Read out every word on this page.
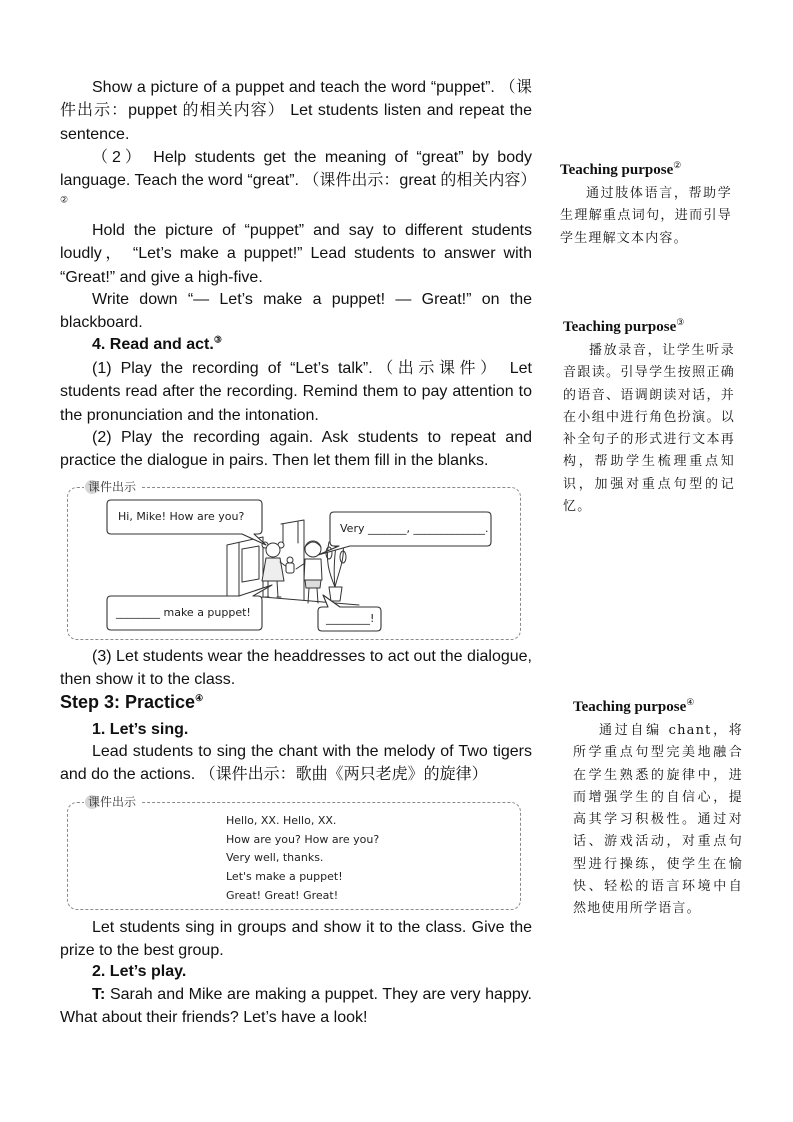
Show a picture of a puppet and teach the word “puppet”. （课件出示：puppet 的相关内容） Let students listen and repeat the sentence.

（2） Help students get the meaning of “great” by body language. Teach the word “great”. （课件出示：great 的相关内容）②

Hold the picture of “puppet” and say to different students loudly， “Let’s make a puppet!” Lead students to answer with “Great!” and give a high-five.

Write down “— Let’s make a puppet! — Great!” on the blackboard.

4. Read and act.③

(1) Play the recording of “Let’s talk”.（出示课件） Let students read after the recording. Remind them to pay attention to the pronunciation and the intonation.

(2) Play the recording again. Ask students to repeat and practice the dialogue in pairs. Then let them fill in the blanks.

Hi, Mike! How are you?
Very _______, _____________.
________ make a puppet!	________!
课件出示

(3) Let students wear the headdresses to act out the dialogue, then show it to the class.

Step 3: Practice④

1. Let’s sing.

Lead students to sing the chant with the melody of Two tigers and do the actions. （课件出示：歌曲《两只老虎》的旋律）

Hello, XX. Hello, XX.
How are you? How are you?
Very well, thanks.
Let's make a puppet!
Great! Great! Great!
课件出示

Let students sing in groups and show it to the class. Give the prize to the best group.

2. Let’s play.

T: Sarah and Mike are making a puppet. They are very happy. What about their friends? Let’s have a look!

Teaching purpose②
通过肢体语言，帮助学生理解重点词句，进而引导学生理解文本内容。
Teaching purpose③
播放录音，让学生听录音跟读。引导学生按照正确的语音、语调朗读对话，并在小组中进行角色扮演。以补全句子的形式进行文本再构，帮助学生梳理重点知识，加强对重点句型的记忆。
Teaching purpose④
通过自编 chant，将所学重点句型完美地融合在学生熟悉的旋律中，进而增强学生的自信心，提高其学习积极性。通过对话、游戏活动，对重点句型进行操练，使学生在愉快、轻松的语言环境中自然地使用所学语言。
